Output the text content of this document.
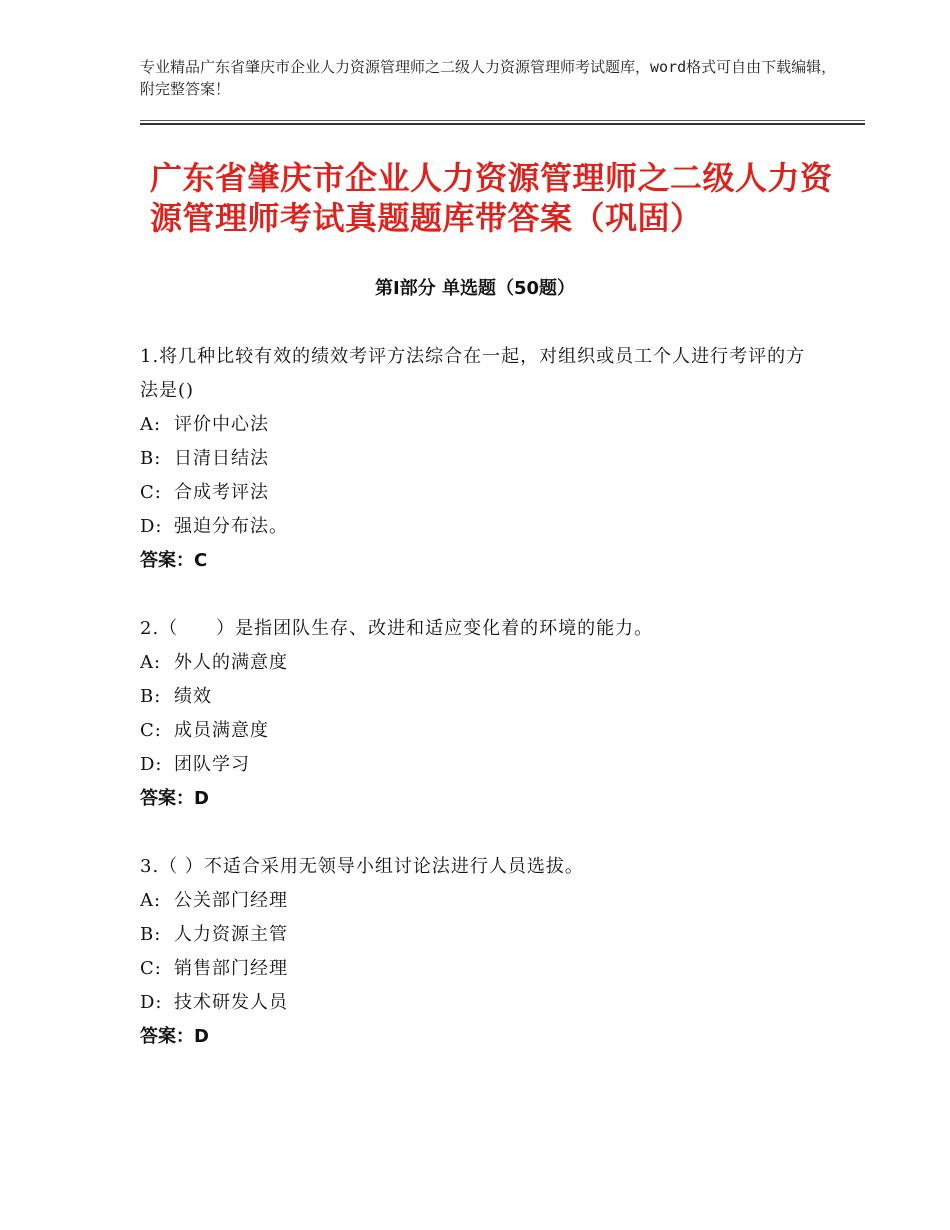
专业精品广东省肇庆市企业人力资源管理师之二级人力资源管理师考试题库，word格式可自由下载编辑，附完整答案！
广东省肇庆市企业人力资源管理师之二级人力资源管理师考试真题题库带答案（巩固）
第Ⅰ部分 单选题（50题）

1.将几种比较有效的绩效考评方法综合在一起，对组织或员工个人进行考评的方法是()

A: 评价中心法

B: 日清日结法

C: 合成考评法

D: 强迫分布法。

答案：C

2.（　　）是指团队生存、改进和适应变化着的环境的能力。

A: 外人的满意度

B: 绩效

C: 成员满意度

D: 团队学习

答案：D

3.（ ）不适合采用无领导小组讨论法进行人员选拔。

A: 公关部门经理

B: 人力资源主管

C: 销售部门经理

D: 技术研发人员

答案：D
